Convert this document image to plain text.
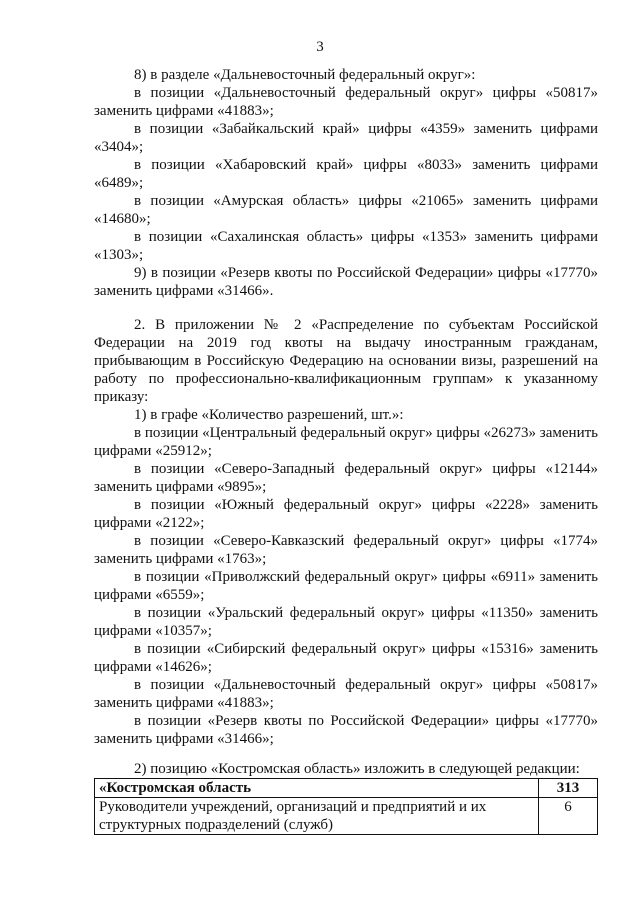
3
8) в разделе «Дальневосточный федеральный округ»:
в позиции «Дальневосточный федеральный округ» цифры «50817» заменить цифрами «41883»;
в позиции «Забайкальский край» цифры «4359» заменить цифрами «3404»;
в позиции «Хабаровский край» цифры «8033» заменить цифрами «6489»;
в позиции «Амурская область» цифры «21065» заменить цифрами «14680»;
в позиции «Сахалинская область» цифры «1353» заменить цифрами «1303»;
9) в позиции «Резерв квоты по Российской Федерации» цифры «17770» заменить цифрами «31466».
2. В приложении № 2 «Распределение по субъектам Российской Федерации на 2019 год квоты на выдачу иностранным гражданам, прибывающим в Российскую Федерацию на основании визы, разрешений на работу по профессионально-квалификационным группам» к указанному приказу:
1) в графе «Количество разрешений, шт.»:
в позиции «Центральный федеральный округ» цифры «26273» заменить цифрами «25912»;
в позиции «Северо-Западный федеральный округ» цифры «12144» заменить цифрами «9895»;
в позиции «Южный федеральный округ» цифры «2228» заменить цифрами «2122»;
в позиции «Северо-Кавказский федеральный округ» цифры «1774» заменить цифрами «1763»;
в позиции «Приволжский федеральный округ» цифры «6911» заменить цифрами «6559»;
в позиции «Уральский федеральный округ» цифры «11350» заменить цифрами «10357»;
в позиции «Сибирский федеральный округ» цифры «15316» заменить цифрами «14626»;
в позиции «Дальневосточный федеральный округ» цифры «50817» заменить цифрами «41883»;
в позиции «Резерв квоты по Российской Федерации» цифры «17770» заменить цифрами «31466»;
2) позицию «Костромская область» изложить в следующей редакции:
«Костромская область	313
Руководители учреждений, организаций и предприятий и их структурных подразделений (служб)	6
